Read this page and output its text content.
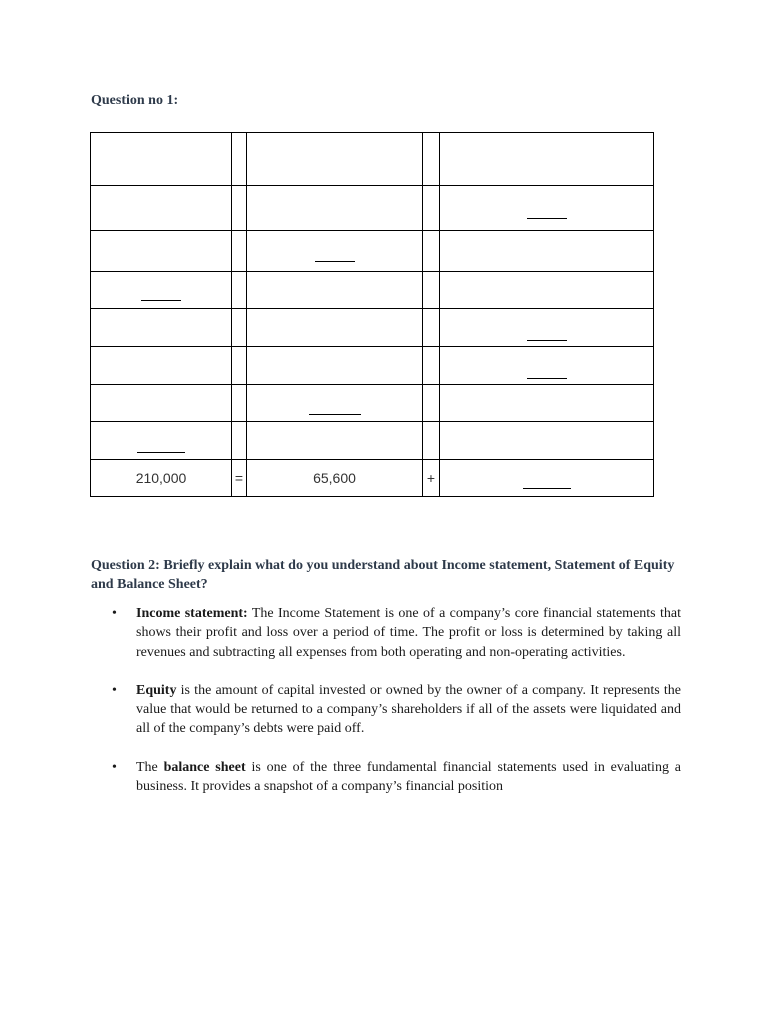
Question no 1:

210,000	=	65,600	+	
Question 2: Briefly explain what do you understand about Income statement, Statement of Equity and Balance Sheet?
• Income statement: The Income Statement is one of a company’s core financial statements that shows their profit and loss over a period of time. The profit or loss is determined by taking all revenues and subtracting all expenses from both operating and non-operating activities.
• Equity is the amount of capital invested or owned by the owner of a company. It represents the value that would be returned to a company’s shareholders if all of the assets were liquidated and all of the company’s debts were paid off.
• The balance sheet is one of the three fundamental financial statements used in evaluating a business. It provides a snapshot of a company’s financial position
